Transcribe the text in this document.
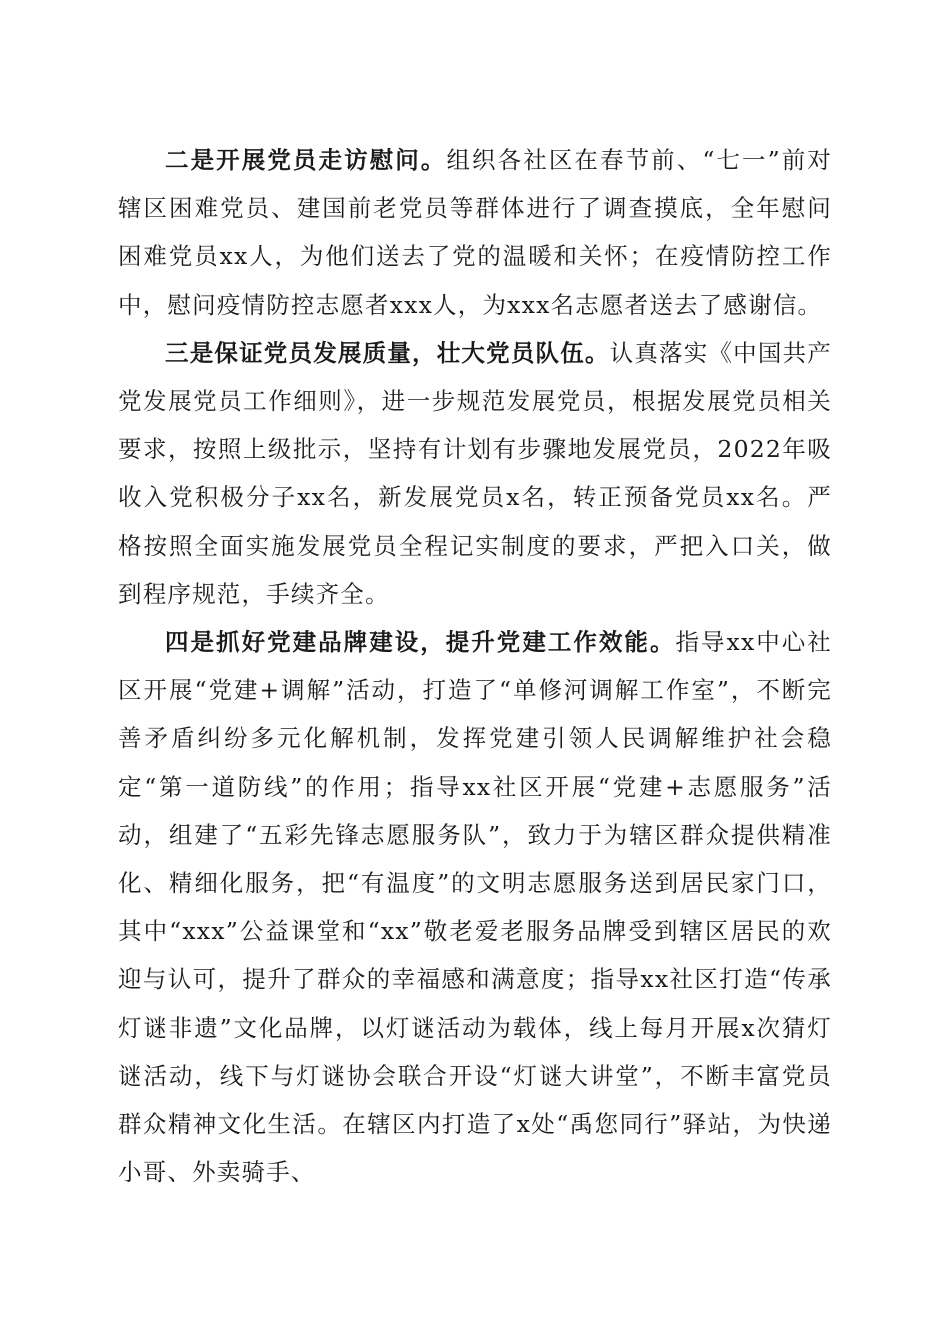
二是开展党员走访慰问。组织各社区在春节前、“七一”前对辖区困难党员、建国前老党员等群体进行了调查摸底，全年慰问困难党员xx人，为他们送去了党的温暖和关怀；在疫情防控工作中，慰问疫情防控志愿者xxx人，为xxx名志愿者送去了感谢信。

三是保证党员发展质量，壮大党员队伍。认真落实《中国共产党发展党员工作细则》，进一步规范发展党员，根据发展党员相关要求，按照上级批示，坚持有计划有步骤地发展党员，2022年吸收入党积极分子xx名，新发展党员x名，转正预备党员xx名。严格按照全面实施发展党员全程记实制度的要求，严把入口关，做到程序规范，手续齐全。

四是抓好党建品牌建设，提升党建工作效能。指导xx中心社区开展“党建+调解”活动，打造了“单修河调解工作室”，不断完善矛盾纠纷多元化解机制，发挥党建引领人民调解维护社会稳定“第一道防线”的作用；指导xx社区开展“党建+志愿服务”活动，组建了“五彩先锋志愿服务队”，致力于为辖区群众提供精准化、精细化服务，把“有温度”的文明志愿服务送到居民家门口，其中“xxx”公益课堂和“xx”敬老爱老服务品牌受到辖区居民的欢迎与认可，提升了群众的幸福感和满意度；指导xx社区打造“传承灯谜非遗”文化品牌，以灯谜活动为载体，线上每月开展x次猜灯谜活动，线下与灯谜协会联合开设“灯谜大讲堂”，不断丰富党员群众精神文化生活。在辖区内打造了x处“禹您同行”驿站，为快递小哥、外卖骑手、
